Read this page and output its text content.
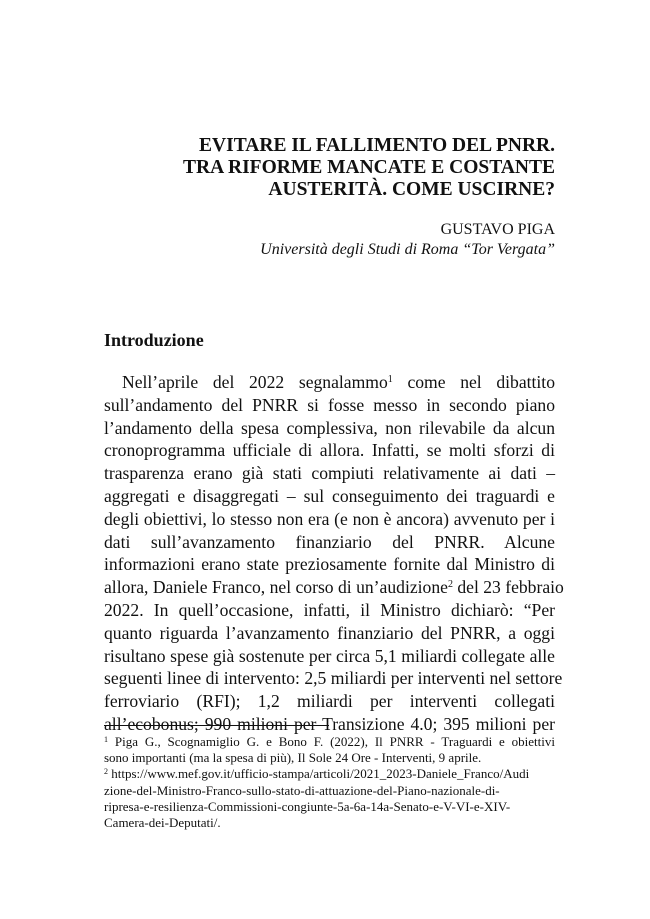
EVITARE IL FALLIMENTO DEL PNRR.
TRA RIFORME MANCATE E COSTANTE
AUSTERITÀ. COME USCIRNE?
GUSTAVO PIGA
Università degli Studi di Roma “Tor Vergata”
Introduzione
Nell’aprile del 2022 segnalammo$^1$ come nel dibattito
sull’andamento del PNRR si fosse messo in secondo piano
l’andamento della spesa complessiva, non rilevabile da alcun
cronoprogramma ufficiale di allora. Infatti, se molti sforzi di
trasparenza erano già stati compiuti relativamente ai dati –
aggregati e disaggregati – sul conseguimento dei traguardi e
degli obiettivi, lo stesso non era (e non è ancora) avvenuto per i
dati sull’avanzamento finanziario del PNRR. Alcune
informazioni erano state preziosamente fornite dal Ministro di
allora, Daniele Franco, nel corso di un’audizione$^2$ del 23 febbraio
2022. In quell’occasione, infatti, il Ministro dichiarò: “Per
quanto riguarda l’avanzamento finanziario del PNRR, a oggi
risultano spese già sostenute per circa 5,1 miliardi collegate alle
seguenti linee di intervento: 2,5 miliardi per interventi nel settore
ferroviario (RFI); 1,2 miliardi per interventi collegati
all’ecobonus; 990 milioni per Transizione 4.0; 395 milioni per
$^1$ Piga G., Scognamiglio G. e Bono F. (2022), Il PNRR - Traguardi e obiettivi
sono importanti (ma la spesa di più), Il Sole 24 Ore - Interventi, 9 aprile.
$^2$ https://www.mef.gov.it/ufficio-stampa/articoli/2021_2023-Daniele_Franco/Audi
zione-del-Ministro-Franco-sullo-stato-di-attuazione-del-Piano-nazionale-di-
ripresa-e-resilienza-Commissioni-congiunte-5a-6a-14a-Senato-e-V-VI-e-XIV-
Camera-dei-Deputati/.
